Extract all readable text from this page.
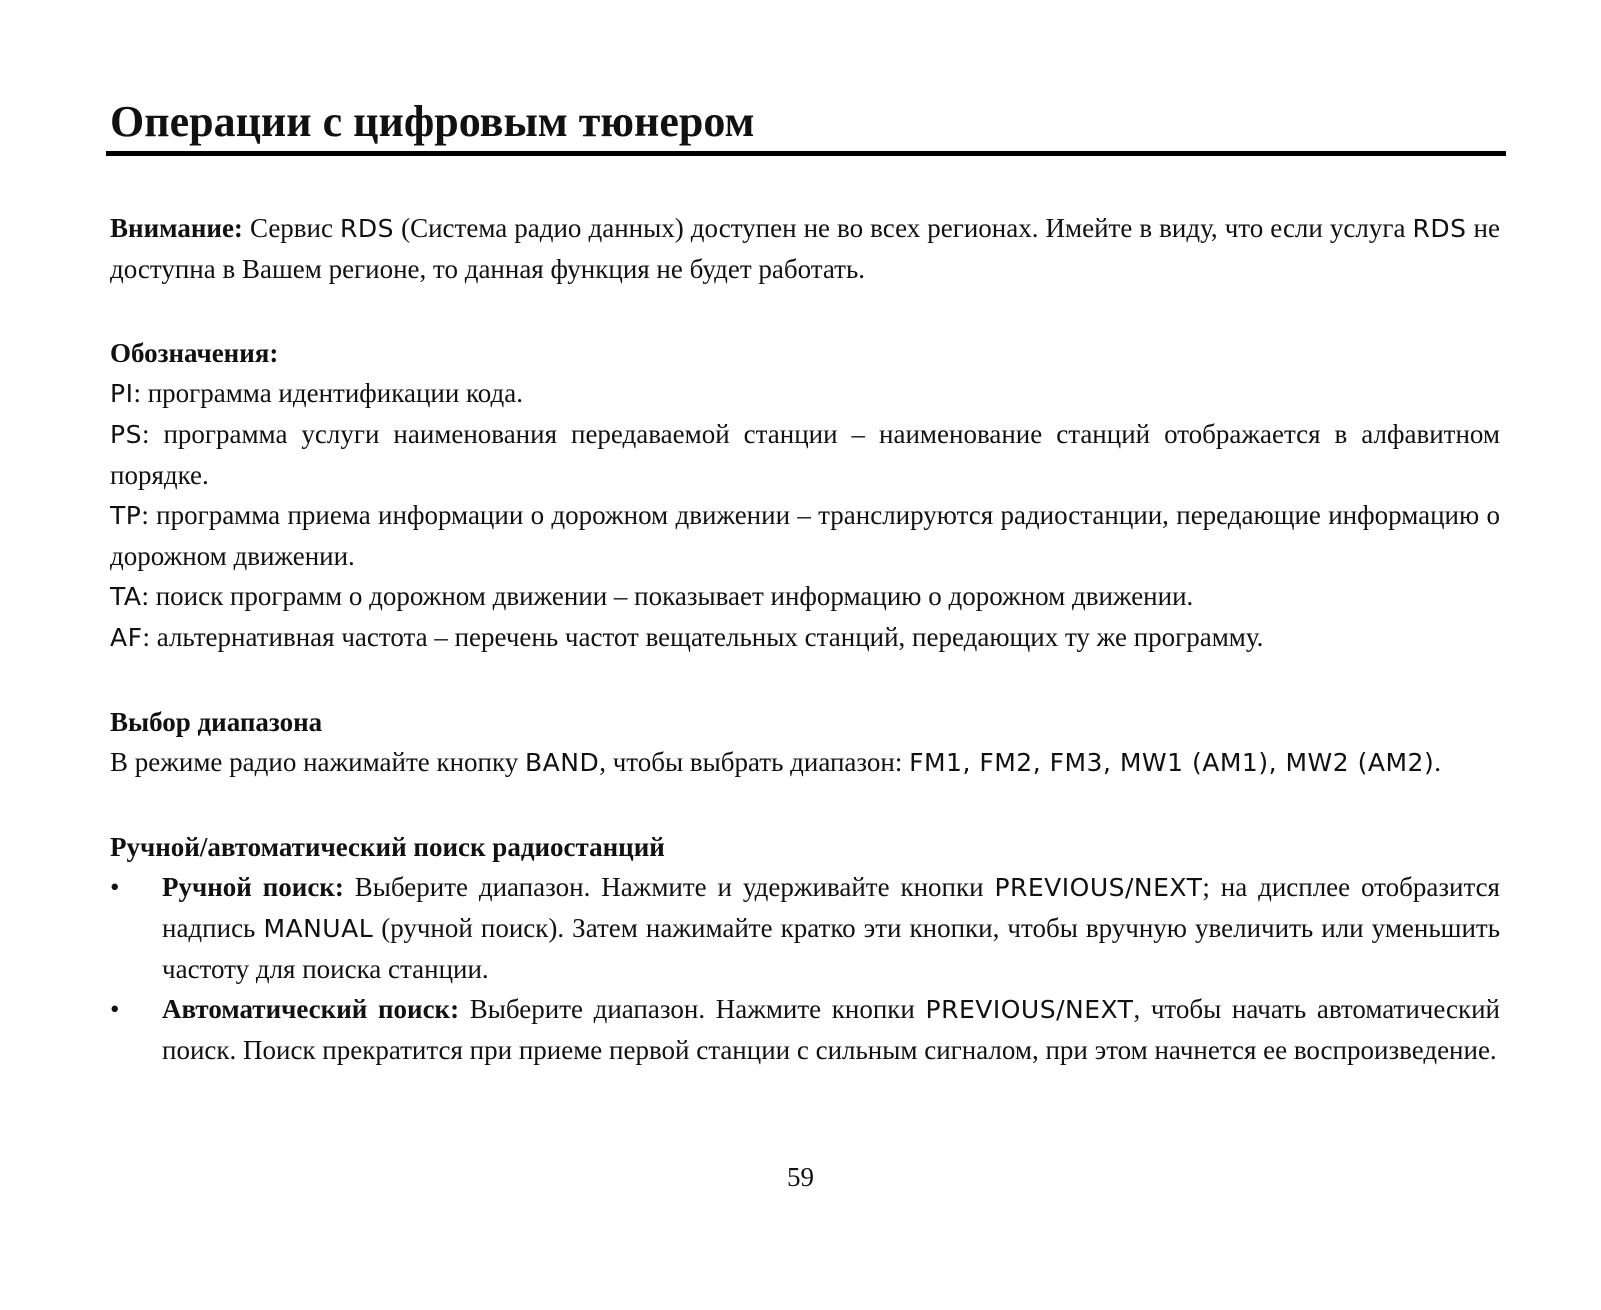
Операции с цифровым тюнером

Внимание: Сервис RDS (Система радио данных) доступен не во всех регионах. Имейте в виду, что если услуга RDS не доступна в Вашем регионе, то данная функция не будет работать.

Обозначения:

PI: программа идентификации кода.

PS: программа услуги наименования передаваемой станции – наименование станций отображается в алфавитном порядке.

TP: программа приема информации о дорожном движении – транслируются радиостанции, передающие информацию о дорожном движении.

TA: поиск программ о дорожном движении – показывает информацию о дорожном движении.

AF: альтернативная частота – перечень частот вещательных станций, передающих ту же программу.

Выбор диапазона

В режиме радио нажимайте кнопку BAND, чтобы выбрать диапазон: FM1, FM2, FM3, MW1 (AM1), MW2 (AM2).

Ручной/автоматический поиск радиостанций

• Ручной поиск: Выберите диапазон. Нажмите и удерживайте кнопки PREVIOUS/NEXT; на дисплее отобразится надпись MANUAL (ручной поиск). Затем нажимайте кратко эти кнопки, чтобы вручную увеличить или уменьшить частоту для поиска станции.
• Автоматический поиск: Выберите диапазон. Нажмите кнопки PREVIOUS/NEXT, чтобы начать автоматический поиск. Поиск прекратится при приеме первой станции с сильным сигналом, при этом начнется ее воспроизведение.
59
